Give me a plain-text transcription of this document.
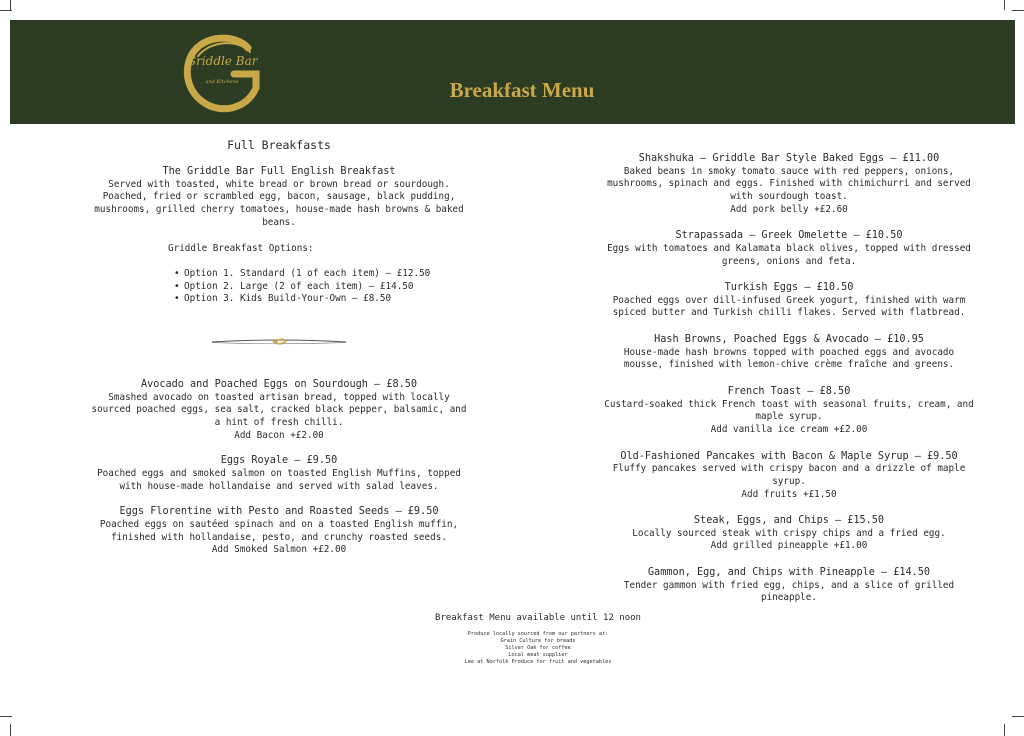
Griddle Bar
and Kitchens	Breakfast Menu
Full Breakfasts
The Griddle Bar Full English Breakfast
Served with toasted, white bread or brown bread or sourdough. Poached, fried or scrambled egg, bacon, sausage, black pudding, mushrooms, grilled cherry tomatoes, house-made hash browns & baked beans.
Griddle Breakfast Options:
• Option 1. Standard (1 of each item) – £12.50
• Option 2. Large (2 of each item) – £14.50
• Option 3. Kids Build-Your-Own – £8.50
Avocado and Poached Eggs on Sourdough – £8.50
Smashed avocado on toasted artisan bread, topped with locally sourced poached eggs, sea salt, cracked black pepper, balsamic, and a hint of fresh chilli.
Add Bacon +£2.00
Eggs Royale – £9.50
Poached eggs and smoked salmon on toasted English Muffins, topped with house-made hollandaise and served with salad leaves.
Eggs Florentine with Pesto and Roasted Seeds – £9.50
Poached eggs on sautéed spinach and on a toasted English muffin, finished with hollandaise, pesto, and crunchy roasted seeds.
Add Smoked Salmon +£2.00
Shakshuka – Griddle Bar Style Baked Eggs – £11.00
Baked beans in smoky tomato sauce with red peppers, onions, mushrooms, spinach and eggs. Finished with chimichurri and served with sourdough toast.
Add pork belly +£2.60
Strapassada – Greek Omelette – £10.50
Eggs with tomatoes and Kalamata black olives, topped with dressed greens, onions and feta.
Turkish Eggs – £10.50
Poached eggs over dill-infused Greek yogurt, finished with warm spiced butter and Turkish chilli flakes. Served with flatbread.
Hash Browns, Poached Eggs & Avocado – £10.95
House-made hash browns topped with poached eggs and avocado mousse, finished with lemon-chive crème fraîche and greens.
French Toast – £8.50
Custard-soaked thick French toast with seasonal fruits, cream, and maple syrup.
Add vanilla ice cream +£2.00
Old-Fashioned Pancakes with Bacon & Maple Syrup – £9.50
Fluffy pancakes served with crispy bacon and a drizzle of maple syrup.
Add fruits +£1.50
Steak, Eggs, and Chips – £15.50
Locally sourced steak with crispy chips and a fried egg.
Add grilled pineapple +£1.00
Gammon, Egg, and Chips with Pineapple – £14.50
Tender gammon with fried egg, chips, and a slice of grilled pineapple.
Breakfast Menu available until 12 noon
Produce locally sourced from our partners at:
Grain Culture for breads
Silver Oak for coffee
Local meat supplier
Lee at Norfolk Produce for fruit and vegetables
